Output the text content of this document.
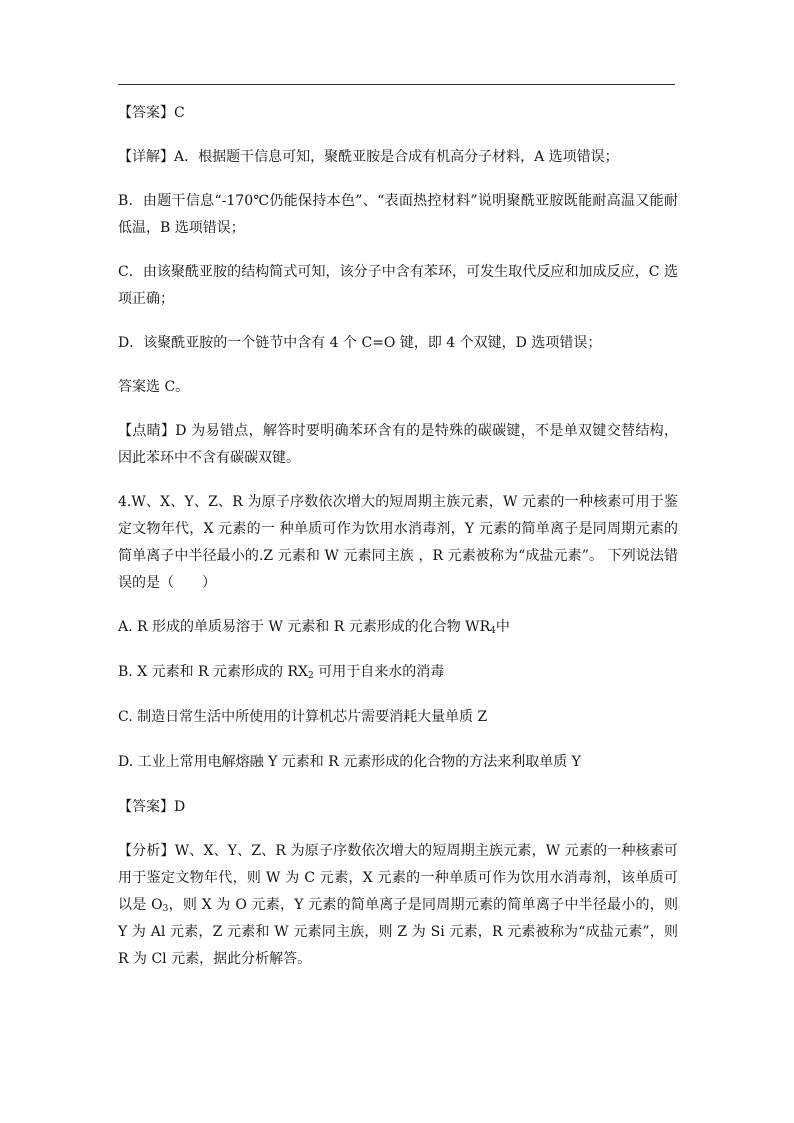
【答案】C

【详解】A．根据题干信息可知，聚酰亚胺是合成有机高分子材料，A 选项错误；

B．由题干信息“-170℃仍能保持本色”、“表面热控材料”说明聚酰亚胺既能耐高温又能耐低温，B 选项错误；

C．由该聚酰亚胺的结构简式可知，该分子中含有苯环，可发生取代反应和加成反应，C 选项正确；

D．该聚酰亚胺的一个链节中含有 4 个 C=O 键，即 4 个双键，D 选项错误；

答案选 C。

【点睛】D 为易错点，解答时要明确苯环含有的是特殊的碳碳键，不是单双键交替结构，因此苯环中不含有碳碳双键。

4.W、X、Y、Z、R 为原子序数依次增大的短周期主族元素，W 元素的一种核素可用于鉴定文物年代，X 元素的一 种单质可作为饮用水消毒剂，Y 元素的简单离子是同周期元素的简单离子中半径最小的.Z 元素和 W 元素同主族 ，R 元素被称为“成盐元素”。 下列说法错误的是（　　）

A. R 形成的单质易溶于 W 元素和 R 元素形成的化合物 $WR_4$中

B. X 元素和 R 元素形成的 $RX_2$ 可用于自来水的消毒

C. 制造日常生活中所使用的计算机芯片需要消耗大量单质 Z

D. 工业上常用电解熔融 Y 元素和 R 元素形成的化合物的方法来利取单质 Y

【答案】D

【分析】W、X、Y、Z、R 为原子序数依次增大的短周期主族元素，W 元素的一种核素可用于鉴定文物年代，则 W 为 C 元素，X 元素的一种单质可作为饮用水消毒剂，该单质可以是 $O_3$，则 X 为 O 元素，Y 元素的简单离子是同周期元素的简单离子中半径最小的，则 Y 为 Al 元素，Z 元素和 W 元素同主族，则 Z 为 Si 元素，R 元素被称为“成盐元素”，则 R 为 Cl 元素，据此分析解答。
